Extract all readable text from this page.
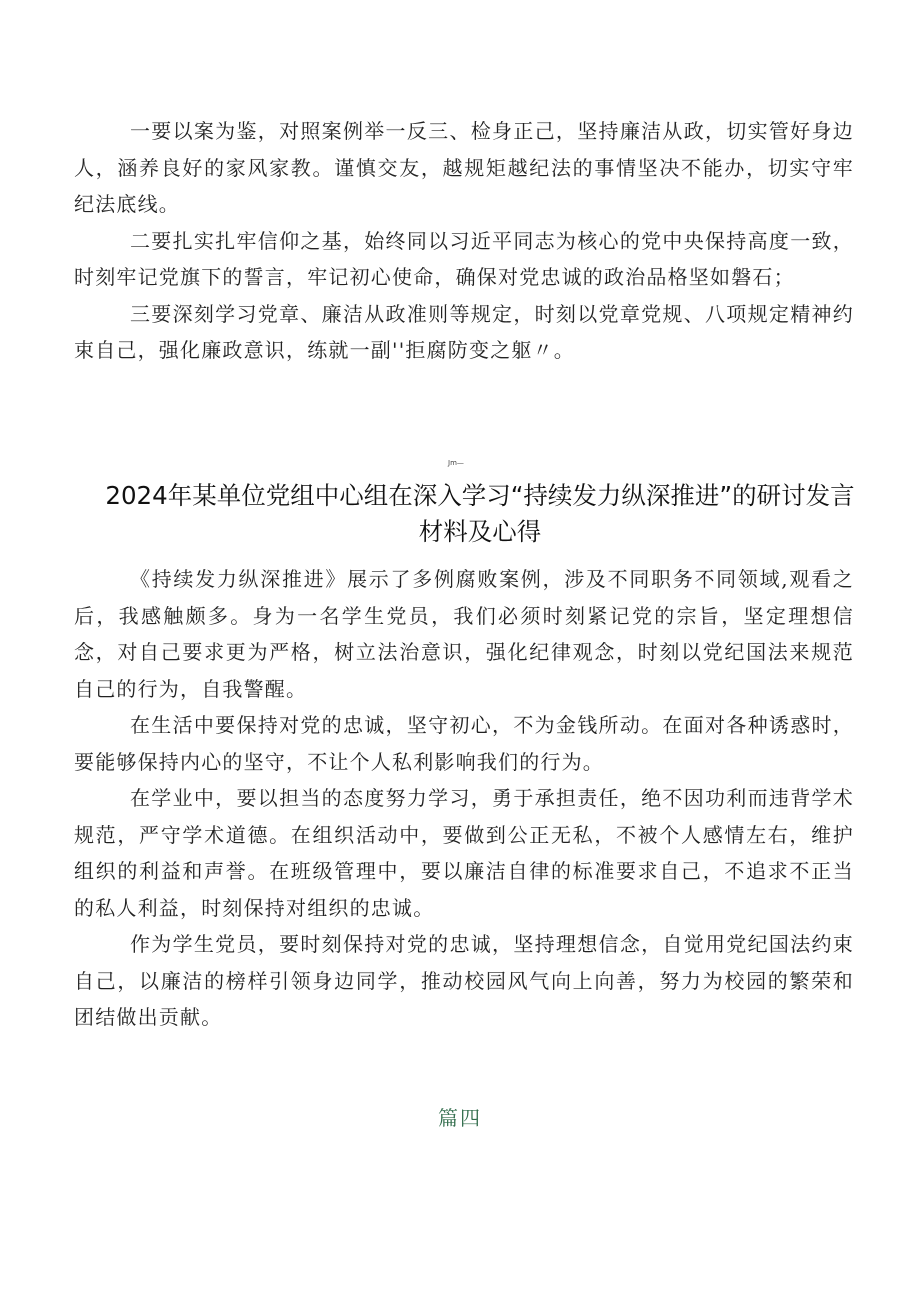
一要以案为鉴，对照案例举一反三、检身正己，坚持廉洁从政，切实管好身边人，涵养良好的家风家教。谨慎交友，越规矩越纪法的事情坚决不能办，切实守牢纪法底线。

二要扎实扎牢信仰之基，始终同以习近平同志为核心的党中央保持高度一致，时刻牢记党旗下的誓言，牢记初心使命，确保对党忠诚的政治品格坚如磐石；

三要深刻学习党章、廉洁从政准则等规定，时刻以党章党规、八项规定精神约束自己，强化廉政意识，练就一副''拒腐防变之躯〃。

Jm—
2024年某单位党组中心组在深入学习“持续发力纵深推进”的研讨发言材料及心得

《持续发力纵深推进》展示了多例腐败案例，涉及不同职务不同领域,观看之后，我感触颇多。身为一名学生党员，我们必须时刻紧记党的宗旨，坚定理想信念，对自己要求更为严格，树立法治意识，强化纪律观念，时刻以党纪国法来规范自己的行为，自我警醒。

在生活中要保持对党的忠诚，坚守初心，不为金钱所动。在面对各种诱惑时，要能够保持内心的坚守，不让个人私利影响我们的行为。

在学业中，要以担当的态度努力学习，勇于承担责任，绝不因功利而违背学术规范，严守学术道德。在组织活动中，要做到公正无私，不被个人感情左右，维护组织的利益和声誉。在班级管理中，要以廉洁自律的标准要求自己，不追求不正当的私人利益，时刻保持对组织的忠诚。

作为学生党员，要时刻保持对党的忠诚，坚持理想信念，自觉用党纪国法约束自己，以廉洁的榜样引领身边同学，推动校园风气向上向善，努力为校园的繁荣和团结做出贡献。

篇四
